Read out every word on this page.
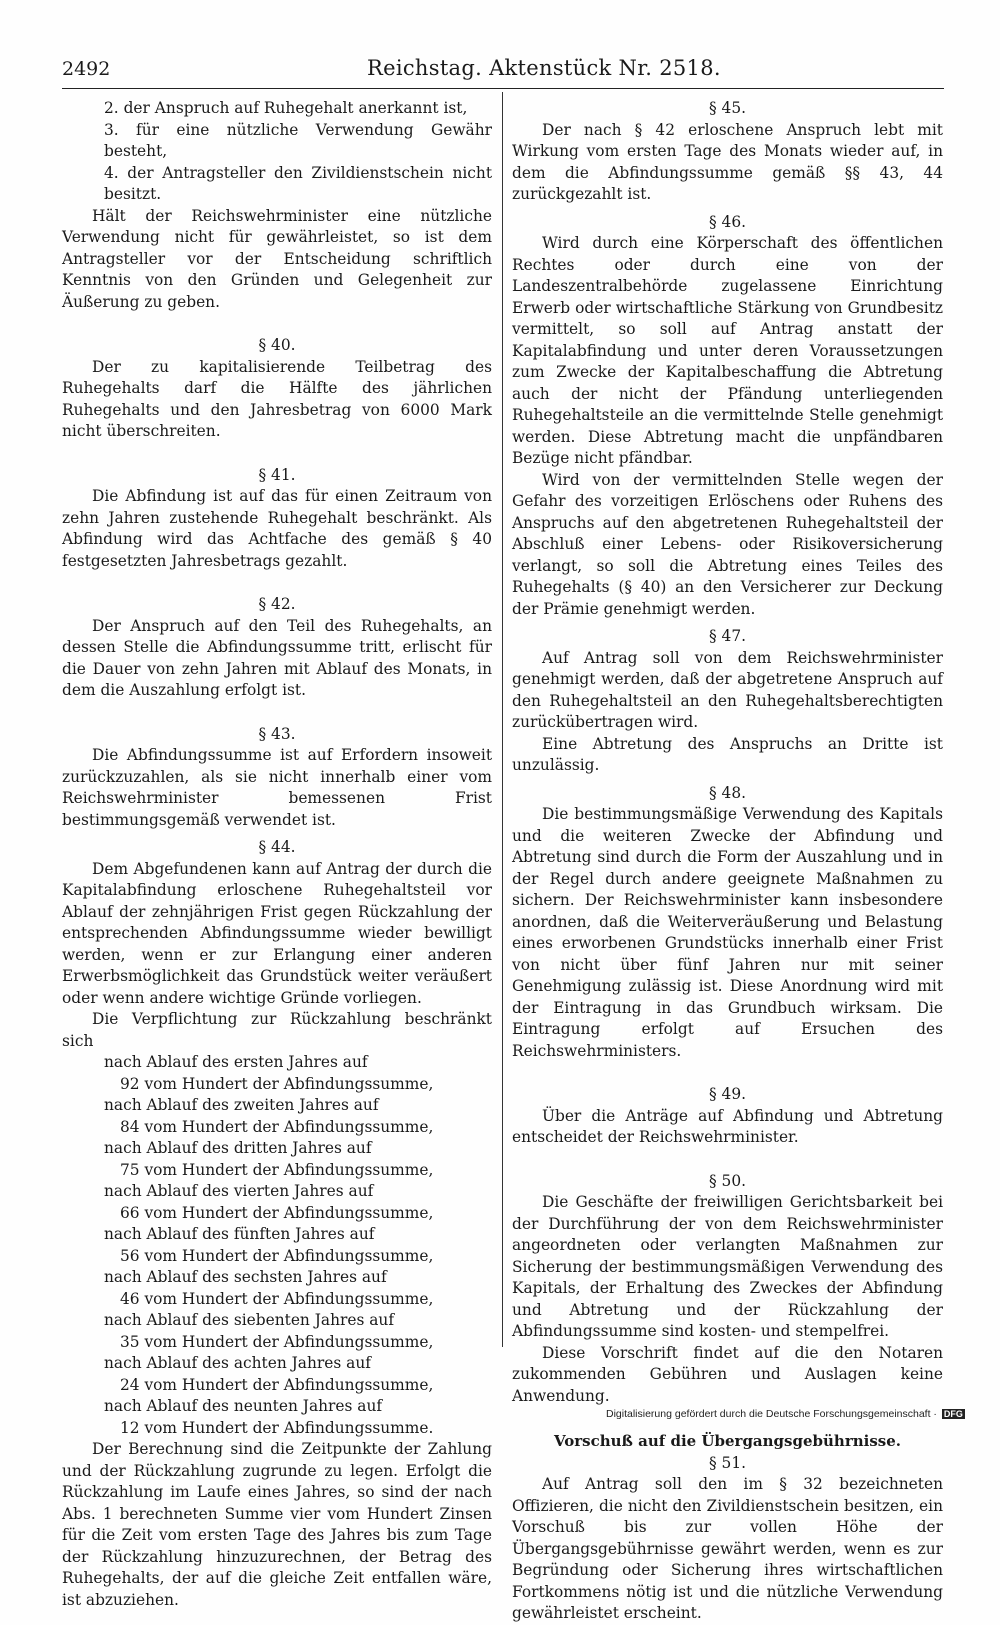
2492	Reichstag. Aktenstück Nr. 2518.

2. der Anspruch auf Ruhegehalt anerkannt ist,

3. für eine nützliche Verwendung Gewähr besteht,

4. der Antragsteller den Zivildienstschein nicht besitzt.

Hält der Reichswehrminister eine nützliche Verwendung nicht für gewährleistet, so ist dem Antragsteller vor der Entscheidung schriftlich Kenntnis von den Gründen und Gelegenheit zur Äußerung zu geben.

§ 40.

Der zu kapitalisierende Teilbetrag des Ruhegehalts darf die Hälfte des jährlichen Ruhegehalts und den Jahresbetrag von 6000 Mark nicht überschreiten.

§ 41.

Die Abfindung ist auf das für einen Zeitraum von zehn Jahren zustehende Ruhegehalt beschränkt. Als Abfindung wird das Achtfache des gemäß § 40 festgesetzten Jahresbetrags gezahlt.

§ 42.

Der Anspruch auf den Teil des Ruhegehalts, an dessen Stelle die Abfindungssumme tritt, erlischt für die Dauer von zehn Jahren mit Ablauf des Monats, in dem die Auszahlung erfolgt ist.

§ 43.

Die Abfindungssumme ist auf Erfordern insoweit zurückzuzahlen, als sie nicht innerhalb einer vom Reichswehrminister bemessenen Frist bestimmungsgemäß verwendet ist.

§ 44.

Dem Abgefundenen kann auf Antrag der durch die Kapitalabfindung erloschene Ruhegehaltsteil vor Ablauf der zehnjährigen Frist gegen Rückzahlung der entsprechenden Abfindungssumme wieder bewilligt werden, wenn er zur Erlangung einer anderen Erwerbsmöglichkeit das Grundstück weiter veräußert oder wenn andere wichtige Gründe vorliegen.

Die Verpflichtung zur Rückzahlung beschränkt sich

nach Ablauf des ersten Jahres auf

92 vom Hundert der Abfindungssumme,

nach Ablauf des zweiten Jahres auf

84 vom Hundert der Abfindungssumme,

nach Ablauf des dritten Jahres auf

75 vom Hundert der Abfindungssumme,

nach Ablauf des vierten Jahres auf

66 vom Hundert der Abfindungssumme,

nach Ablauf des fünften Jahres auf

56 vom Hundert der Abfindungssumme,

nach Ablauf des sechsten Jahres auf

46 vom Hundert der Abfindungssumme,

nach Ablauf des siebenten Jahres auf

35 vom Hundert der Abfindungssumme,

nach Ablauf des achten Jahres auf

24 vom Hundert der Abfindungssumme,

nach Ablauf des neunten Jahres auf

12 vom Hundert der Abfindungssumme.

Der Berechnung sind die Zeitpunkte der Zahlung und der Rückzahlung zugrunde zu legen. Erfolgt die Rückzahlung im Laufe eines Jahres, so sind der nach Abs. 1 berechneten Summe vier vom Hundert Zinsen für die Zeit vom ersten Tage des Jahres bis zum Tage der Rückzahlung hinzuzurechnen, der Betrag des Ruhegehalts, der auf die gleiche Zeit entfallen wäre, ist abzuziehen.

§ 45.

Der nach § 42 erloschene Anspruch lebt mit Wirkung vom ersten Tage des Monats wieder auf, in dem die Abfindungssumme gemäß §§ 43, 44 zurückgezahlt ist.

§ 46.

Wird durch eine Körperschaft des öffentlichen Rechtes oder durch eine von der Landeszentralbehörde zugelassene Einrichtung Erwerb oder wirtschaftliche Stärkung von Grundbesitz vermittelt, so soll auf Antrag anstatt der Kapitalabfindung und unter deren Voraussetzungen zum Zwecke der Kapitalbeschaffung die Abtretung auch der nicht der Pfändung unterliegenden Ruhegehaltsteile an die vermittelnde Stelle genehmigt werden. Diese Abtretung macht die unpfändbaren Bezüge nicht pfändbar.

Wird von der vermittelnden Stelle wegen der Gefahr des vorzeitigen Erlöschens oder Ruhens des Anspruchs auf den abgetretenen Ruhegehaltsteil der Abschluß einer Lebens- oder Risikoversicherung verlangt, so soll die Abtretung eines Teiles des Ruhegehalts (§ 40) an den Versicherer zur Deckung der Prämie genehmigt werden.

§ 47.

Auf Antrag soll von dem Reichswehrminister genehmigt werden, daß der abgetretene Anspruch auf den Ruhegehaltsteil an den Ruhegehaltsberechtigten zurückübertragen wird.

Eine Abtretung des Anspruchs an Dritte ist unzulässig.

§ 48.

Die bestimmungsmäßige Verwendung des Kapitals und die weiteren Zwecke der Abfindung und Abtretung sind durch die Form der Auszahlung und in der Regel durch andere geeignete Maßnahmen zu sichern. Der Reichswehrminister kann insbesondere anordnen, daß die Weiterveräußerung und Belastung eines erworbenen Grundstücks innerhalb einer Frist von nicht über fünf Jahren nur mit seiner Genehmigung zulässig ist. Diese Anordnung wird mit der Eintragung in das Grundbuch wirksam. Die Eintragung erfolgt auf Ersuchen des Reichswehrministers.

§ 49.

Über die Anträge auf Abfindung und Abtretung entscheidet der Reichswehrminister.

§ 50.

Die Geschäfte der freiwilligen Gerichtsbarkeit bei der Durchführung der von dem Reichswehrminister angeordneten oder verlangten Maßnahmen zur Sicherung der bestimmungsmäßigen Verwendung des Kapitals, der Erhaltung des Zweckes der Abfindung und Abtretung und der Rückzahlung der Abfindungssumme sind kosten- und stempelfrei.

Diese Vorschrift findet auf die den Notaren zukommenden Gebühren und Auslagen keine Anwendung.

Vorschuß auf die Übergangsgebührnisse.

§ 51.

Auf Antrag soll den im § 32 bezeichneten Offizieren, die nicht den Zivildienstschein besitzen, ein Vorschuß bis zur vollen Höhe der Übergangsgebührnisse gewährt werden, wenn es zur Begründung oder Sicherung ihres wirtschaftlichen Fortkommens nötig ist und die nützliche Verwendung gewährleistet erscheint.

Digitalisierung gefördert durch die Deutsche Forschungsgemeinschaft · DFG
